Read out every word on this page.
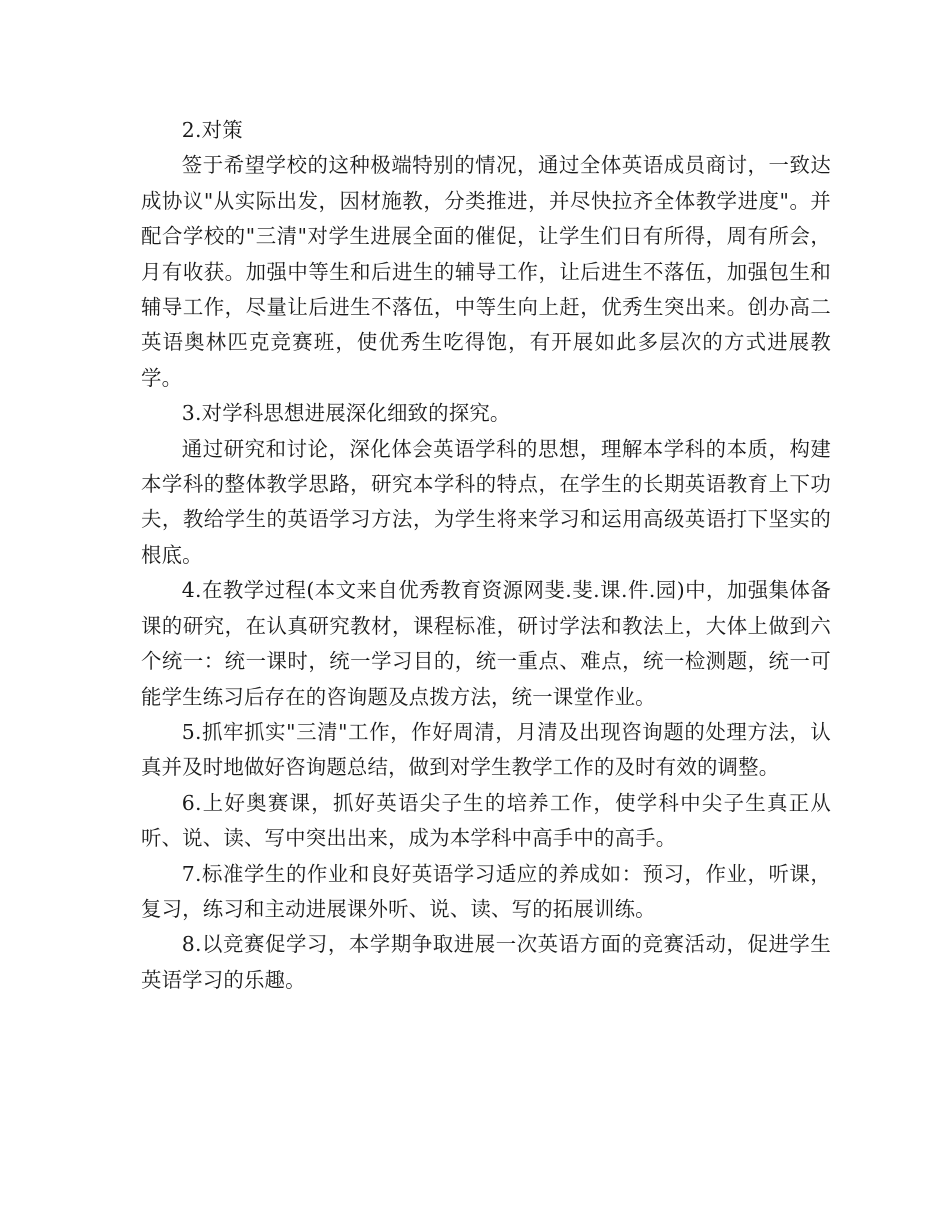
2.对策

签于希望学校的这种极端特别的情况，通过全体英语成员商讨，一致达成协议"从实际出发，因材施教，分类推进，并尽快拉齐全体教学进度"。并配合学校的"三清"对学生进展全面的催促，让学生们日有所得，周有所会，月有收获。加强中等生和后进生的辅导工作，让后进生不落伍，加强包生和辅导工作，尽量让后进生不落伍，中等生向上赶，优秀生突出来。创办高二英语奥林匹克竞赛班，使优秀生吃得饱，有开展如此多层次的方式进展教学。

3.对学科思想进展深化细致的探究。

通过研究和讨论，深化体会英语学科的思想，理解本学科的本质，构建本学科的整体教学思路，研究本学科的特点，在学生的长期英语教育上下功夫，教给学生的英语学习方法，为学生将来学习和运用高级英语打下坚实的根底。

4.在教学过程(本文来自优秀教育资源网斐.斐.课.件.园)中，加强集体备课的研究，在认真研究教材，课程标准，研讨学法和教法上，大体上做到六个统一：统一课时，统一学习目的，统一重点、难点，统一检测题，统一可能学生练习后存在的咨询题及点拨方法，统一课堂作业。

5.抓牢抓实"三清"工作，作好周清，月清及出现咨询题的处理方法，认真并及时地做好咨询题总结，做到对学生教学工作的及时有效的调整。

6.上好奥赛课，抓好英语尖子生的培养工作，使学科中尖子生真正从听、说、读、写中突出出来，成为本学科中高手中的高手。

7.标准学生的作业和良好英语学习适应的养成如：预习，作业，听课，复习，练习和主动进展课外听、说、读、写的拓展训练。

8.以竞赛促学习，本学期争取进展一次英语方面的竞赛活动，促进学生英语学习的乐趣。
